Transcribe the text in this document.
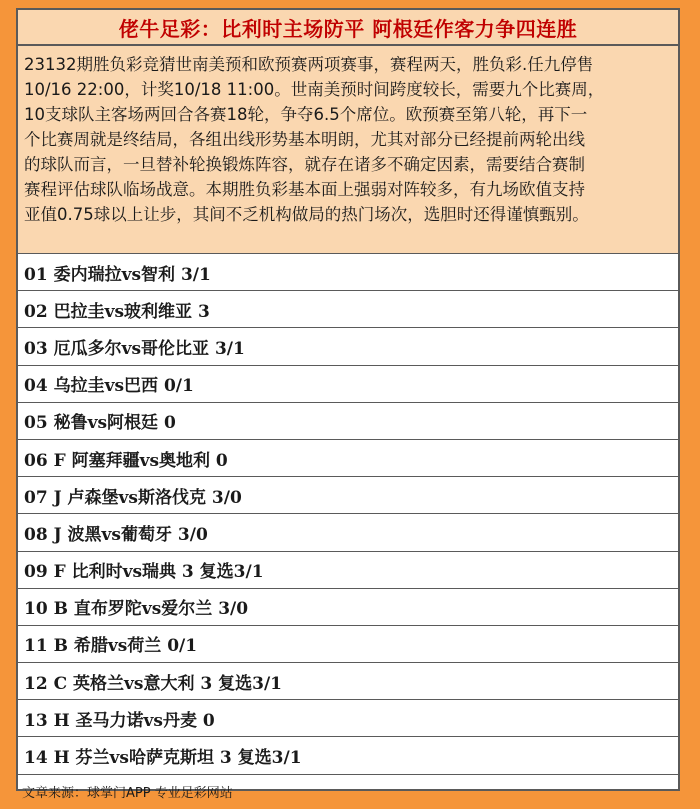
佬牛足彩：比利时主场防平 阿根廷作客力争四连胜

23132期胜负彩竞猜世南美预和欧预赛两项赛事，赛程两天，胜负彩.任九停售
10/16 22:00，计奖10/18 11:00。世南美预时间跨度较长，需要九个比赛周，
10支球队主客场两回合各赛18轮，争夺6.5个席位。欧预赛至第八轮，再下一
个比赛周就是终结局，各组出线形势基本明朗，尤其对部分已经提前两轮出线
的球队而言，一旦替补轮换锻炼阵容，就存在诸多不确定因素，需要结合赛制
赛程评估球队临场战意。本期胜负彩基本面上强弱对阵较多，有九场欧值支持
亚值0.75球以上让步，其间不乏机构做局的热门场次，选胆时还得谨慎甄别。

01 委内瑞拉vs智利 3/1
02 巴拉圭vs玻利维亚 3
03 厄瓜多尔vs哥伦比亚 3/1
04 乌拉圭vs巴西 0/1
05 秘鲁vs阿根廷 0
06 F 阿塞拜疆vs奥地利 0
07 J 卢森堡vs斯洛伐克 3/0
08 J 波黑vs葡萄牙 3/0
09 F 比利时vs瑞典 3 复选3/1
10 B 直布罗陀vs爱尔兰 3/0
11 B 希腊vs荷兰 0/1
12 C 英格兰vs意大利 3 复选3/1
13 H 圣马力诺vs丹麦 0
14 H 芬兰vs哈萨克斯坦 3 复选3/1
文章来源：球掌门APP 专业足彩网站
